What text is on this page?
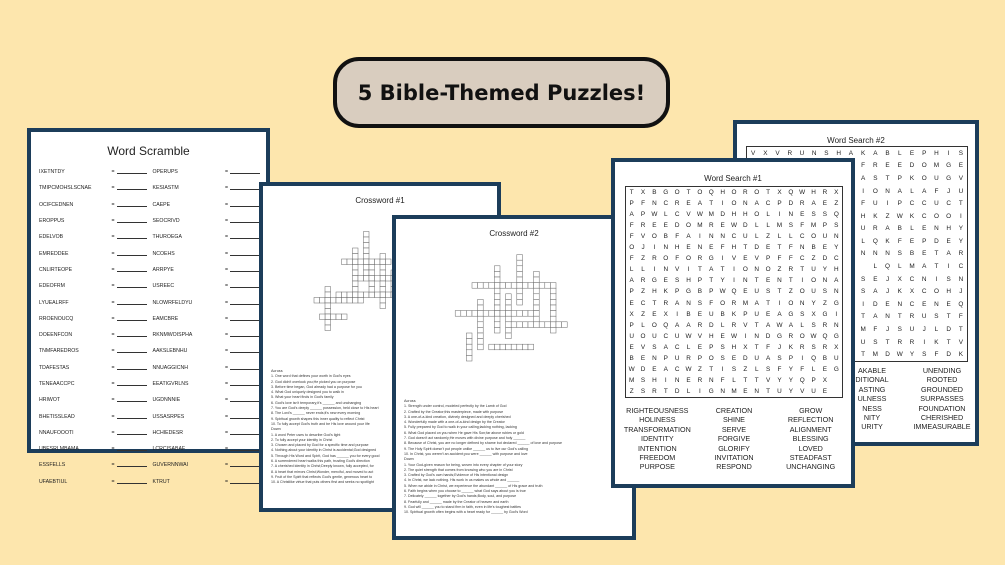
5 Bible-Themed Puzzles!
Word Scramble
IXETNTDY	=	OPERUPS	=
TMIPCMOHSLSCNAE	=	KESIASTM	=
OCIFCEDNEN	=	CAEPE	=
EROPPUS	=	SEOCRIVD	=
EDELVOB	=	THUROEGA	=
EMREDDEE	=	NCOEHS	=
CNLIRTEOPE	=	ARRPYE	=
EDEOFRM	=	USREEC	=
LYUEALRFF	=	NLOWRFELDYU	=
RROENOUCQ	=	EAMCBRE	=
DOEENFCON	=	RKNMWOISPHA	=
TNMFAREDROS	=	AAKSLEBNHU	=
TDAFESTAS	=	NNUAGGICNH	=
TENEAACCPC	=	EEATIGVRLNS	=
HRIWOT	=	UGDNNNIE	=
BHETISSLEAD	=	USSASRPES	=
NNAUFOOOTI	=	HCHIEDESR	=
UBESRLMBAMA	=	LCRCISABAF	=
ESSFELLS	=	GUVERNNWAI	=
UFAEBTIUL	=	KTRUT	=
Crossword #1
Across
1. One word that defines your worth in God's eyes
2. God didn't overlook you;He picked you on purpose
3. Before time began, God already had a purpose for you
4. What God uniquely designed you to walk in
5. What your heart finds in God's family
6. God's love isn't temporary;it's ______ and unchanging
7. You are God's deeply ______ possession, held close to His heart
8. The Lord's ______ never ends;it's new every morning
9. Spiritual growth shapes this inner quality to reflect Christ
10. To fully accept God's truth and be His love around your life
Down
1. A word Peter uses to describe God's light
2. To fully accept your identity in Christ
3. Chosen and placed by God for a specific time and purpose
4. Nothing about your identity in Christ is accidental;God designed
5. Through His Word and Spirit, God has ______ you for every good
6. A surrendered heart walks this path, trusting God's direction
7. A cherished identity in Christ;Deeply known, fully accepted, for
8. A heart that mirrors Christ;Wonder, merciful, and moved to act
9. Fruit of the Spirit that reflects God's gentle, generous heart to
10. A Christlike virtue that puts others first and seeks no spotlight
Crossword #2
Across
1. Strength under control, modeled perfectly by the Lamb of God
2. Crafted by the Creator;this masterpiece, made with purpose
3. A one-of-a-kind creation, divinely designed and deeply cherished
4. Wonderfully made with a one-of-a-kind design by the Creator
5. Fully prepared by God to walk in your calling;lacking nothing, lacking
6. What God placed on you when He gave His Son;far above rubies or gold
7. God doesn't act randomly;He moves with divine purpose and holy ______
8. Because of Christ, you are no longer defined by shame but declared ______ of love and purpose
9. The Holy Spirit doesn't put people unlike ______ us to live our God's calling
10. In Christ, you weren't an accident;you were ______ with purpose and love
Down
1. Your God-given reason for being, woven into every chapter of your story
2. The quiet strength that comes from knowing who you are in Christ
3. Crafted by God's own hands;Evidence of His intentional design
4. In Christ, we lack nothing. His work in us makes us whole and ______
5. When we abide in Christ, we experience the abundant ______ of His grace and truth
6. Faith begins when you choose to ______ what God says about you is true
7. Delicately ______ together by God's hands;Body, soul, and purpose
8. Fearfully and ______ made by the Creator of heaven and earth
9. God will ______ you to stand firm in faith, even in life's toughest battles
10. Spiritual growth often begins with a heart ready for ______ by God's Word
Word Search #2
V	X	V	R	U	N	S	H	A	K	A	B	L	E	P	H	I	S
F	R	E	E	D	O	M	G	E
A	S	T	P	K	O	U	G	V
I	O	N	A	L	A	F	J	U
F	U	I	P	C	C	U	C	T
H	K	Z	W	K	C	O	O	I
U	R	A	B	L	E	N	H	Y
L	Q	K	F	E	P	D	E	Y
N	N	N	S	B	E	T	A	R
L	Q	L	M	A	T	I	C
S	E	J	X	C	N	I	S	N
S	A	J	K	X	C	O	H	J
I	D	E	N	C	E	N	E	Q
T	A	N	T	R	U	S	T	F
M	F	J	S	U	J	L	D	T
U	S	T	R	R	I	K	T	V
T	M	D	W	Y	S	F	D	K
AKABLE	UNENDING
DITIONAL	ROOTED
ASTING	GROUNDED
ULNESS	SURPASSES
NESS	FOUNDATION
NITY	CHERISHED
URITY	IMMEASURABLE
Word Search #1
T	X	B	G O	T	O Q	H	O	R	O	T	X	Q W H	R	X
P	F	N	C	R	E	A	T	I	O	N	A	C	P	D	R	A	E	Z
A	P W	L	C	V W M D	H	H	O	L	I	N	E	S	S	Q
F	R	E	E	D	O M R	E W D	L	L	M	S	F	M	P	S
F	V	O	B	F	A	I	N	N	C	U	L	Z	L	L	C	O	U	N
O	J	I	N	H	E	N	E	F	H	T	D	E	T	F	N	B	E	Y
F	Z	R	O	F	O	R	G	I	V	E	V	P	F	F	C	Z	D	C
L	L	I	N	V	I	T	A	T	I	O	N	O	Z	R	T	U	Y	H
A	R	G	E	S	H	P	T	Y	I	N	T	E	N	T	I	O	N	A
P	Z	H	K	P	G	B	P W Q	E	U	S	T	Z	O	U	S	N
E	C	T	R	A	N	S	F	O	R M	A	T	I	O	N	Y	Z	G
X	Z	E	X	I	B	E	U	B	K	P	U	E	A	G	S	X	G	I
P	L	O Q	A	A	R	D	L	R	V	T	A W A	L	S	R	N
U	O	U	C	U W V	H	E W	I	N	D	G	R	O W Q G
E	V	S	A	C	L	E	P	S	H	X	T	F	J	K	R	S	R	X
B	E	N	P	U	R	P	O	S	E	D	U	A	S	P	I	Q	B	U
W D	E	A	C W	Z	T	I	S	Z	L	S	F	Y	F	L	E	G
M	S	H	I	N	E	R	N	F	L	T	T	V	Y	Y	Q	P	X
Z	S	R	T	D	L	I	G	N M	E	N	T	U	Y	V	U	E
RIGHTEOUSNESS	CREATION	GROW
HOLINESS	SHINE	REFLECTION
TRANSFORMATION	SERVE	ALIGNMENT
IDENTITY	FORGIVE	BLESSING
INTENTION	GLORIFY	LOVED
FREEDOM	INVITATION	STEADFAST
PURPOSE	RESPOND	UNCHANGING
